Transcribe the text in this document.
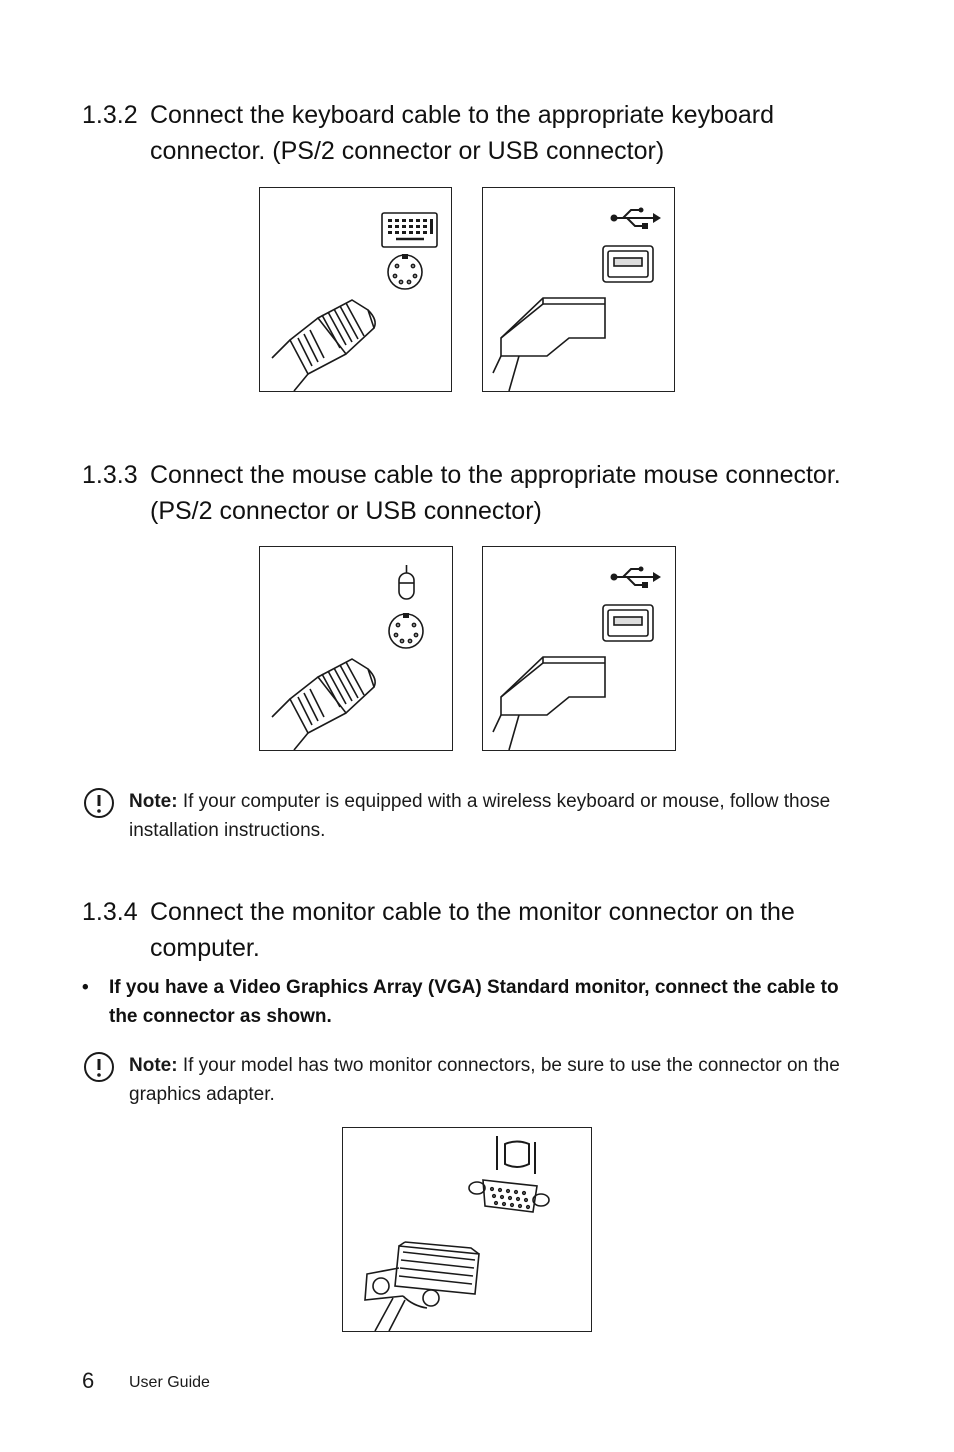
1.3.2 Connect the keyboard cable to the appropriate keyboard connector. (PS/2 connector or USB connector)
1.3.3 Connect the mouse cable to the appropriate mouse connector. (PS/2 connector or USB connector)
Note: If your computer is equipped with a wireless keyboard or mouse, follow those installation instructions.
1.3.4 Connect the monitor cable to the monitor connector on the computer.
•	If you have a Video Graphics Array (VGA) Standard monitor, connect the cable to the connector as shown.
Note: If your model has two monitor connectors, be sure to use the connector on the graphics adapter.
6 User Guide
